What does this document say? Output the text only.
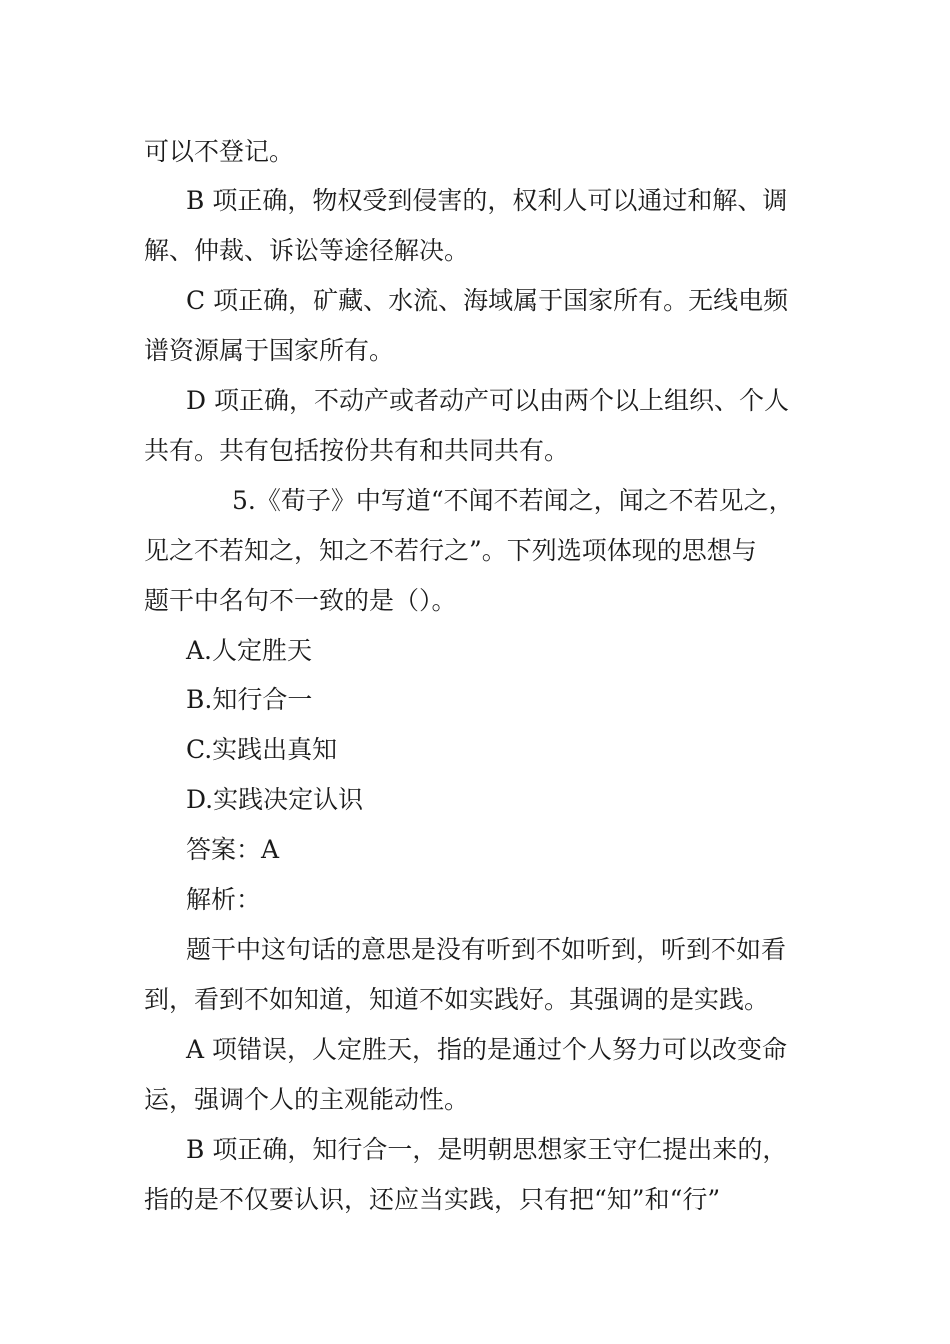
可以不登记。
B 项正确，物权受到侵害的，权利人可以通过和解、调
解、仲裁、诉讼等途径解决。
C 项正确，矿藏、水流、海域属于国家所有。无线电频
谱资源属于国家所有。
D 项正确，不动产或者动产可以由两个以上组织、个人
共有。共有包括按份共有和共同共有。
5.《荀子》中写道“不闻不若闻之，闻之不若见之，
见之不若知之，知之不若行之”。下列选项体现的思想与
题干中名句不一致的是（）。
A.人定胜天
B.知行合一
C.实践出真知
D.实践决定认识
答案：A
解析：
题干中这句话的意思是没有听到不如听到，听到不如看
到，看到不如知道，知道不如实践好。其强调的是实践。
A 项错误，人定胜天，指的是通过个人努力可以改变命
运，强调个人的主观能动性。
B 项正确，知行合一，是明朝思想家王守仁提出来的，
指的是不仅要认识，还应当实践，只有把“知”和“行”
